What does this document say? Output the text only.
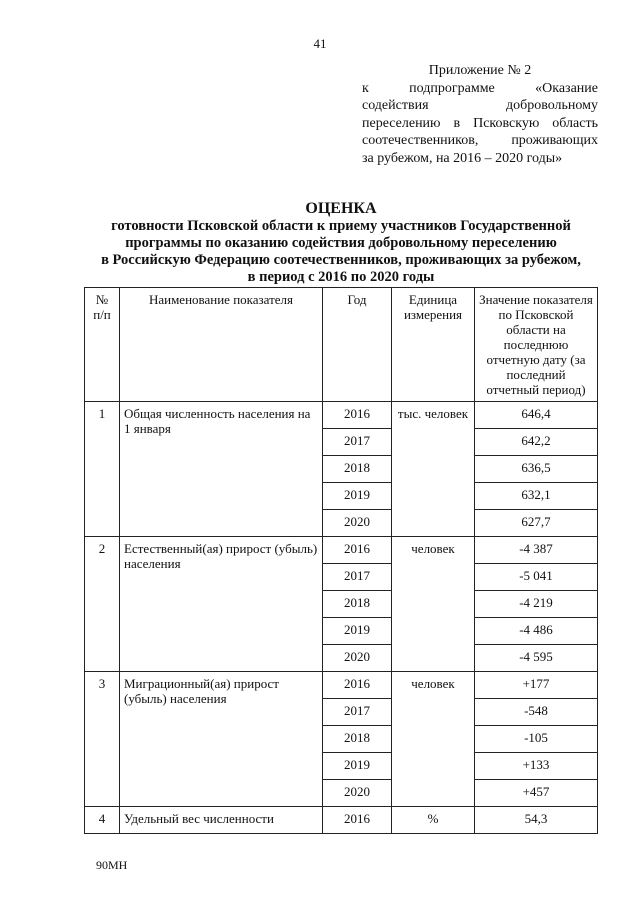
41
Приложение № 2
к	подпрограмме	«Оказание
содействия	добровольному
переселению в Псковскую область
соотечественников, проживающих
за рубежом, на 2016 – 2020 годы»
ОЦЕНКА
готовности Псковской области к приему участников Государственной
программы по оказанию содействия добровольному переселению
в Российскую Федерацию соотечественников, проживающих за рубежом,
в период с 2016 по 2020 годы
№ п/п	Наименование показателя	Год	Единица измерения	Значение показателя по Псковской области на последнюю отчетную дату (за последний отчетный период)
1	Общая численность населения на 1 января	2016	тыс. человек	646,4
		2017		642,2
		2018		636,5
		2019		632,1
		2020		627,7
2	Естественный(ая) прирост (убыль) населения	2016	человек	-4 387
		2017		-5 041
		2018		-4 219
		2019		-4 486
		2020		-4 595
3	Миграционный(ая) прирост (убыль) населения	2016	человек	+177
		2017		-548
		2018		-105
		2019		+133
		2020		+457
4	Удельный вес численности	2016	%	54,3
90МН
